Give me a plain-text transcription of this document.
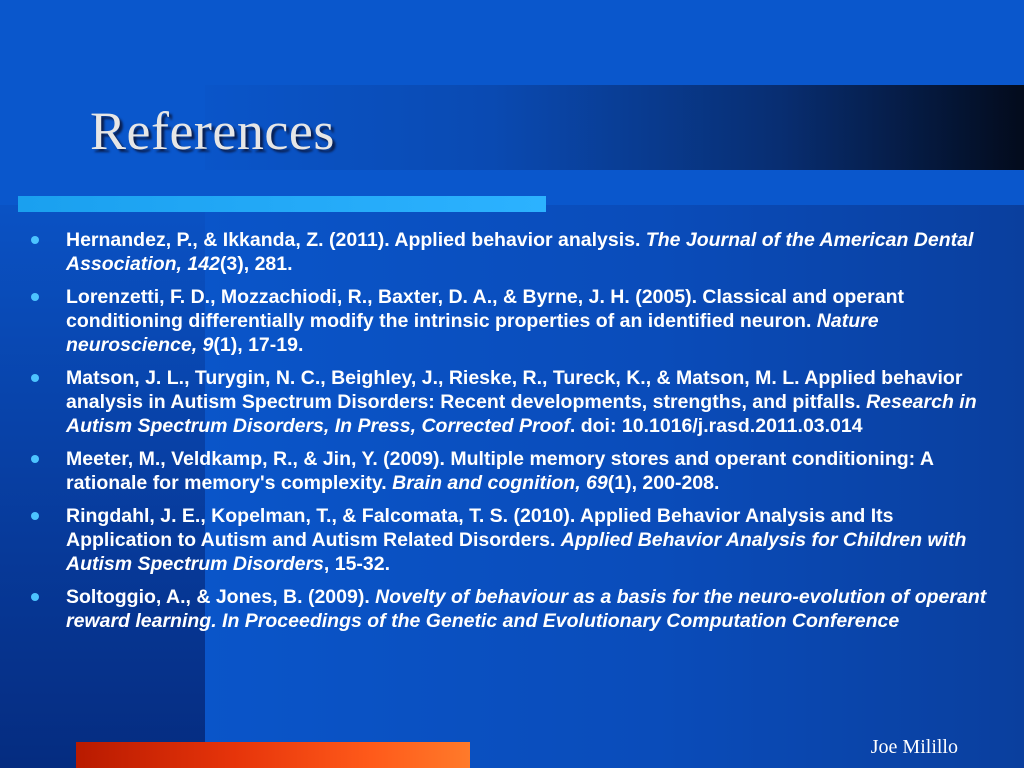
References
Hernandez, P., & Ikkanda, Z. (2011). Applied behavior analysis. The Journal of the American Dental Association, 142(3), 281.
Lorenzetti, F. D., Mozzachiodi, R., Baxter, D. A., & Byrne, J. H. (2005). Classical and operant conditioning differentially modify the intrinsic properties of an identified neuron. Nature neuroscience, 9(1), 17-19.
Matson, J. L., Turygin, N. C., Beighley, J., Rieske, R., Tureck, K., & Matson, M. L. Applied behavior analysis in Autism Spectrum Disorders: Recent developments, strengths, and pitfalls. Research in Autism Spectrum Disorders, In Press, Corrected Proof. doi: 10.1016/j.rasd.2011.03.014
Meeter, M., Veldkamp, R., & Jin, Y. (2009). Multiple memory stores and operant conditioning: A rationale for memory's complexity. Brain and cognition, 69(1), 200-208.
Ringdahl, J. E., Kopelman, T., & Falcomata, T. S. (2010). Applied Behavior Analysis and Its Application to Autism and Autism Related Disorders. Applied Behavior Analysis for Children with Autism Spectrum Disorders, 15-32.
Soltoggio, A., & Jones, B. (2009). Novelty of behaviour as a basis for the neuro-evolution of operant reward learning. In Proceedings of the Genetic and Evolutionary Computation Conference
Joe Milillo
